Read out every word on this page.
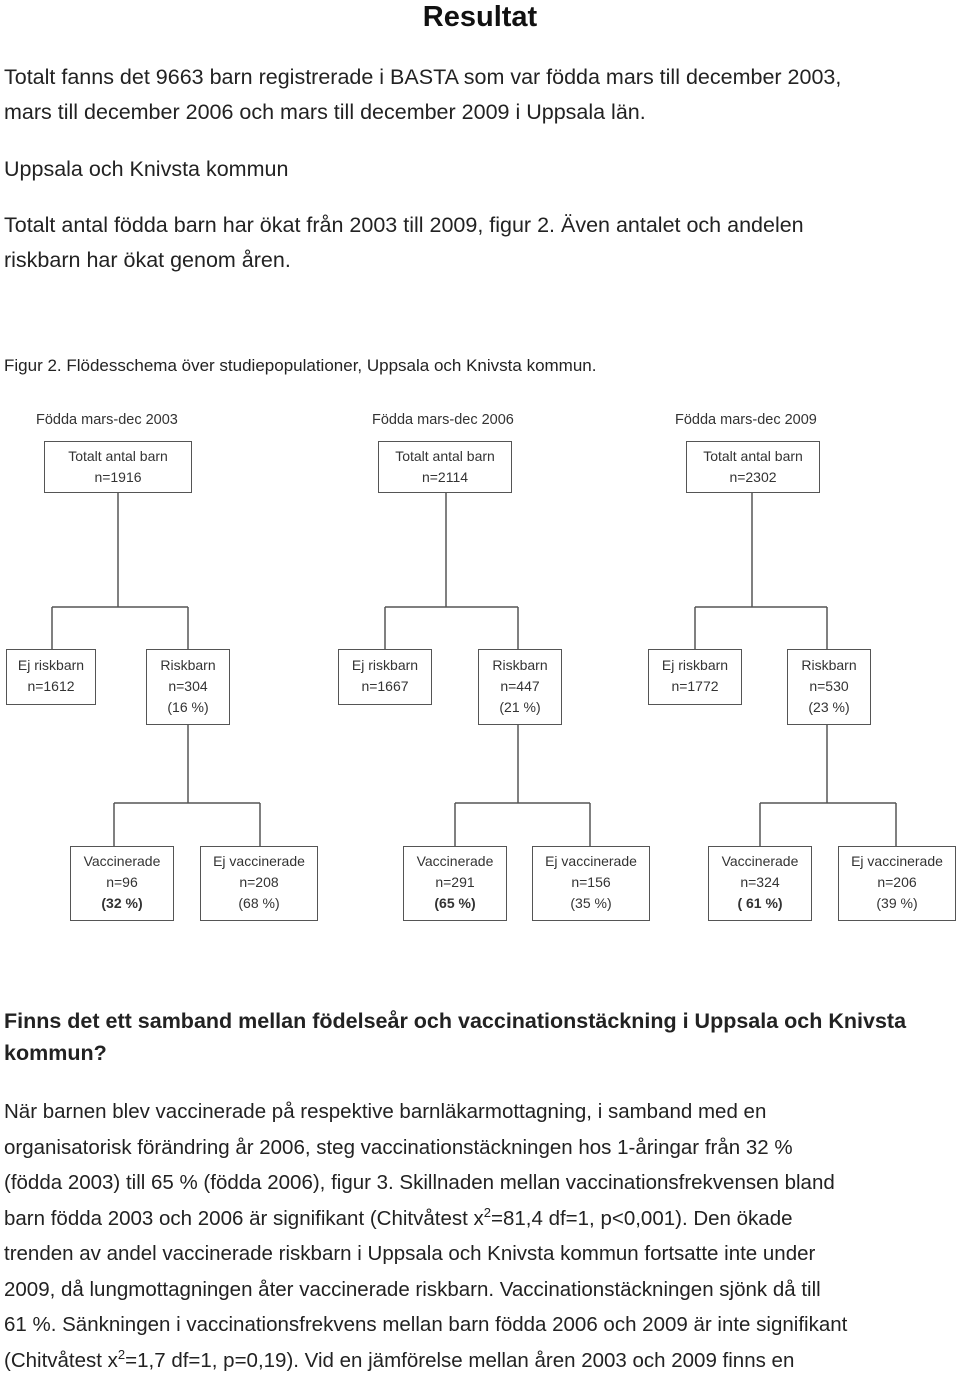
Resultat
Totalt fanns det 9663 barn registrerade i BASTA som var födda mars till december 2003,
mars till december 2006 och mars till december 2009 i Uppsala län.
Uppsala och Knivsta kommun
Totalt antal födda barn har ökat från 2003 till 2009, figur 2. Även antalet och andelen
riskbarn har ökat genom åren.
Figur 2. Flödesschema över studiepopulationer, Uppsala och Knivsta kommun.
Födda mars-dec 2003
Totalt antal barn
n=1916
Ej riskbarn
n=1612
Riskbarn
n=304
(16 %)
Vaccinerade
n=96
(32 %)
Ej vaccinerade
n=208
(68 %)
Födda mars-dec 2006
Totalt antal barn
n=2114
Ej riskbarn
n=1667
Riskbarn
n=447
(21 %)
Vaccinerade
n=291
(65 %)
Ej vaccinerade
n=156
(35 %)
Födda mars-dec 2009
Totalt antal barn
n=2302
Ej riskbarn
n=1772
Riskbarn
n=530
(23 %)
Vaccinerade
n=324
( 61 %)
Ej vaccinerade
n=206
(39 %)
Finns det ett samband mellan födelseår och vaccinationstäckning i Uppsala och Knivsta
kommun?
När barnen blev vaccinerade på respektive barnläkarmottagning, i samband med en
organisatorisk förändring år 2006, steg vaccinationstäckningen hos 1-åringar från 32 %
(födda 2003) till 65 % (födda 2006), figur 3. Skillnaden mellan vaccinationsfrekvensen bland
barn födda 2003 och 2006 är signifikant (Chitvåtest $x^2=81,4$ df=1, p<0,001). Den ökade
trenden av andel vaccinerade riskbarn i Uppsala och Knivsta kommun fortsatte inte under
2009, då lungmottagningen åter vaccinerade riskbarn. Vaccinationstäckningen sjönk då till
61 %. Sänkningen i vaccinationsfrekvens mellan barn födda 2006 och 2009 är inte signifikant
(Chitvåtest $x^2=1,7$ df=1, p=0,19). Vid en jämförelse mellan åren 2003 och 2009 finns en
